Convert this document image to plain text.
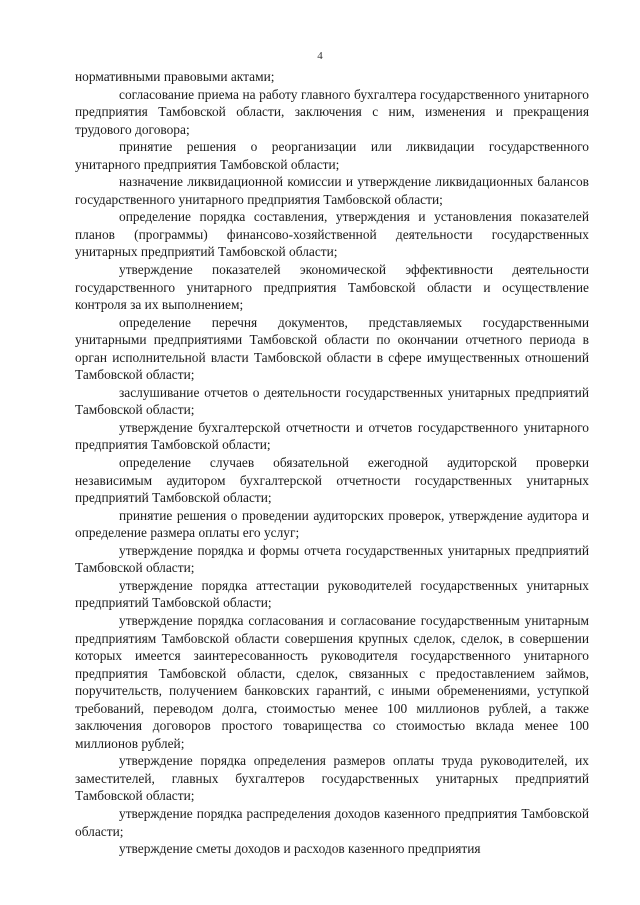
4

нормативными правовыми актами;

согласование приема на работу главного бухгалтера государственного унитарного предприятия Тамбовской области, заключения с ним, изменения и прекращения трудового договора;

принятие решения о реорганизации или ликвидации государственного унитарного предприятия Тамбовской области;

назначение ликвидационной комиссии и утверждение ликвидационных балансов государственного унитарного предприятия Тамбовской области;

определение порядка составления, утверждения и установления показателей планов (программы) финансово-хозяйственной деятельности государственных унитарных предприятий Тамбовской области;

утверждение показателей экономической эффективности деятельности государственного унитарного предприятия Тамбовской области и осуществление контроля за их выполнением;

определение перечня документов, представляемых государственными унитарными предприятиями Тамбовской области по окончании отчетного периода в орган исполнительной власти Тамбовской области в сфере имущественных отношений Тамбовской области;

заслушивание отчетов о деятельности государственных унитарных предприятий Тамбовской области;

утверждение бухгалтерской отчетности и отчетов государственного унитарного предприятия Тамбовской области;

определение случаев обязательной ежегодной аудиторской проверки независимым аудитором бухгалтерской отчетности государственных унитарных предприятий Тамбовской области;

принятие решения о проведении аудиторских проверок, утверждение аудитора и определение размера оплаты его услуг;

утверждение порядка и формы отчета государственных унитарных предприятий Тамбовской области;

утверждение порядка аттестации руководителей государственных унитарных предприятий Тамбовской области;

утверждение порядка согласования и согласование государственным унитарным предприятиям Тамбовской области совершения крупных сделок, сделок, в совершении которых имеется заинтересованность руководителя государственного унитарного предприятия Тамбовской области, сделок, связанных с предоставлением займов, поручительств, получением банковских гарантий, с иными обременениями, уступкой требований, переводом долга, стоимостью менее 100 миллионов рублей, а также заключения договоров простого товарищества со стоимостью вклада менее 100 миллионов рублей;

утверждение порядка определения размеров оплаты труда руководителей, их заместителей, главных бухгалтеров государственных унитарных предприятий Тамбовской области;

утверждение порядка распределения доходов казенного предприятия Тамбовской области;

утверждение сметы доходов и расходов казенного предприятия
